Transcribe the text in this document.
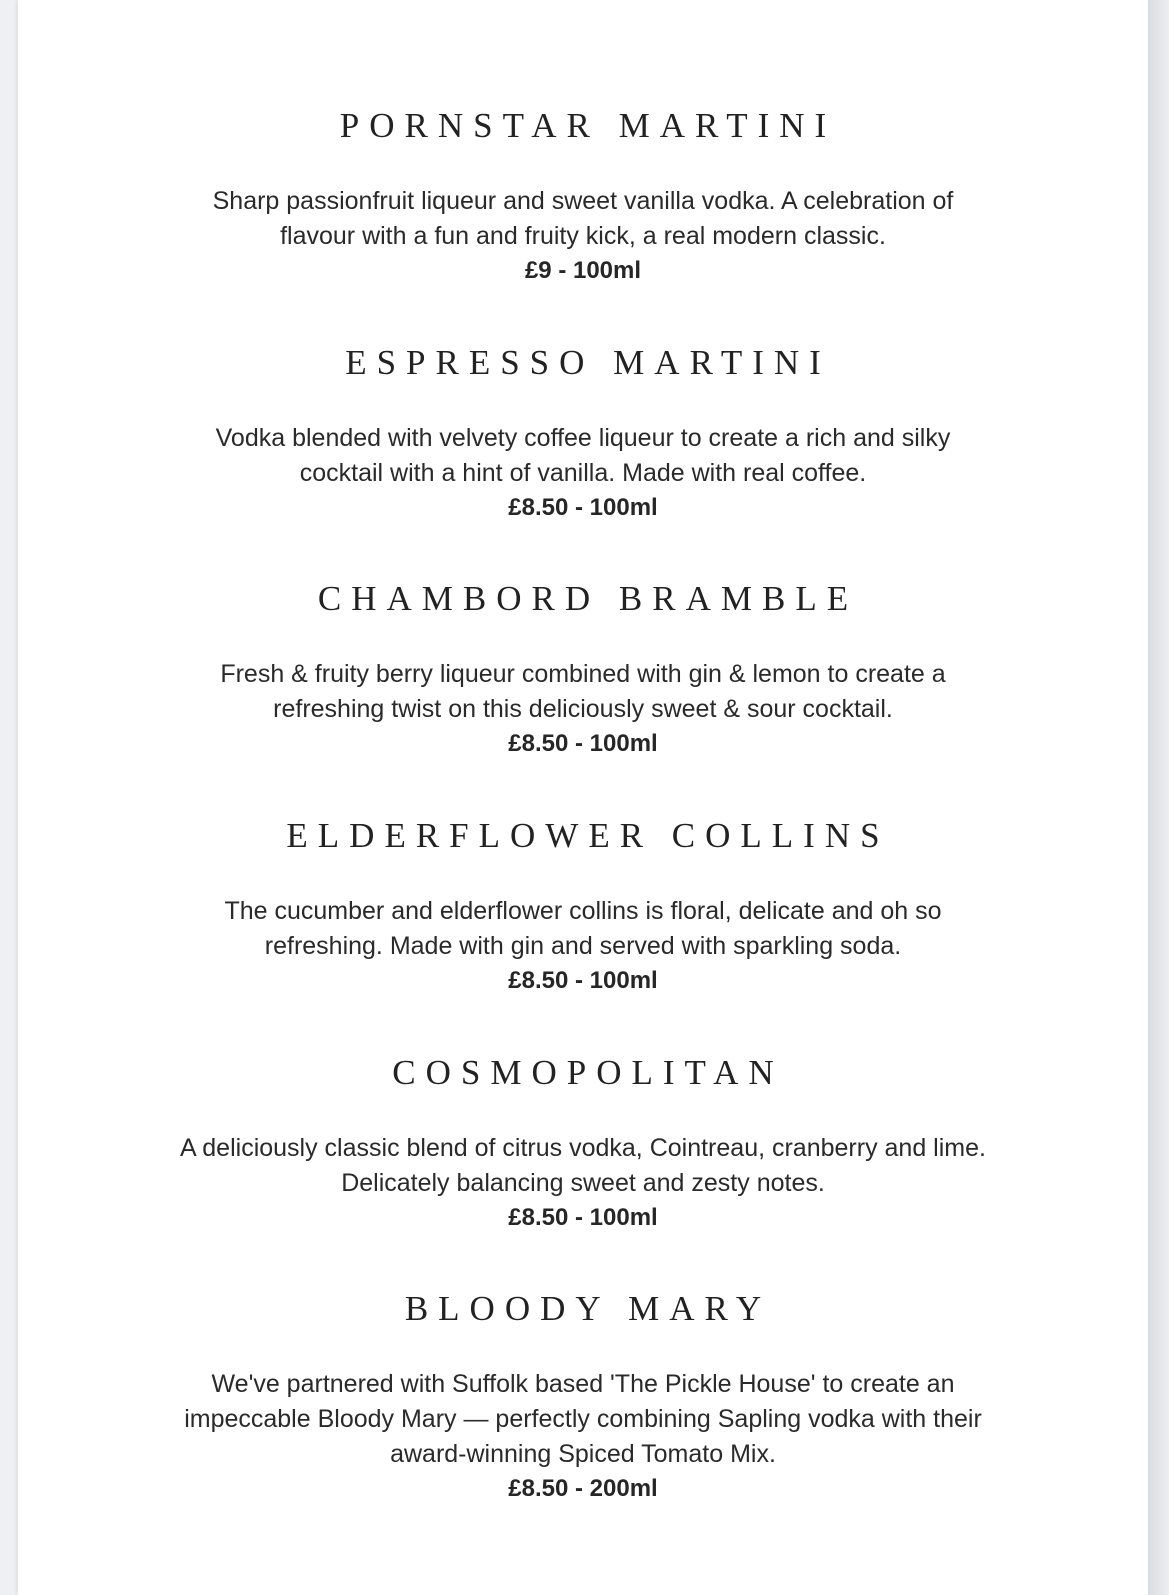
PORNSTAR MARTINI

Sharp passionfruit liqueur and sweet vanilla vodka. A celebration of flavour with a fun and fruity kick, a real modern classic.

£9 - 100ml

ESPRESSO MARTINI

Vodka blended with velvety coffee liqueur to create a rich and silky cocktail with a hint of vanilla. Made with real coffee.

£8.50 - 100ml

CHAMBORD BRAMBLE

Fresh & fruity berry liqueur combined with gin & lemon to create a refreshing twist on this deliciously sweet & sour cocktail.

£8.50 - 100ml

ELDERFLOWER COLLINS

The cucumber and elderflower collins is floral, delicate and oh so refreshing. Made with gin and served with sparkling soda.

£8.50 - 100ml

COSMOPOLITAN

A deliciously classic blend of citrus vodka, Cointreau, cranberry and lime. Delicately balancing sweet and zesty notes.

£8.50 - 100ml

BLOODY MARY

We've partnered with Suffolk based 'The Pickle House' to create an impeccable Bloody Mary — perfectly combining Sapling vodka with their award-winning Spiced Tomato Mix.

£8.50 - 200ml
